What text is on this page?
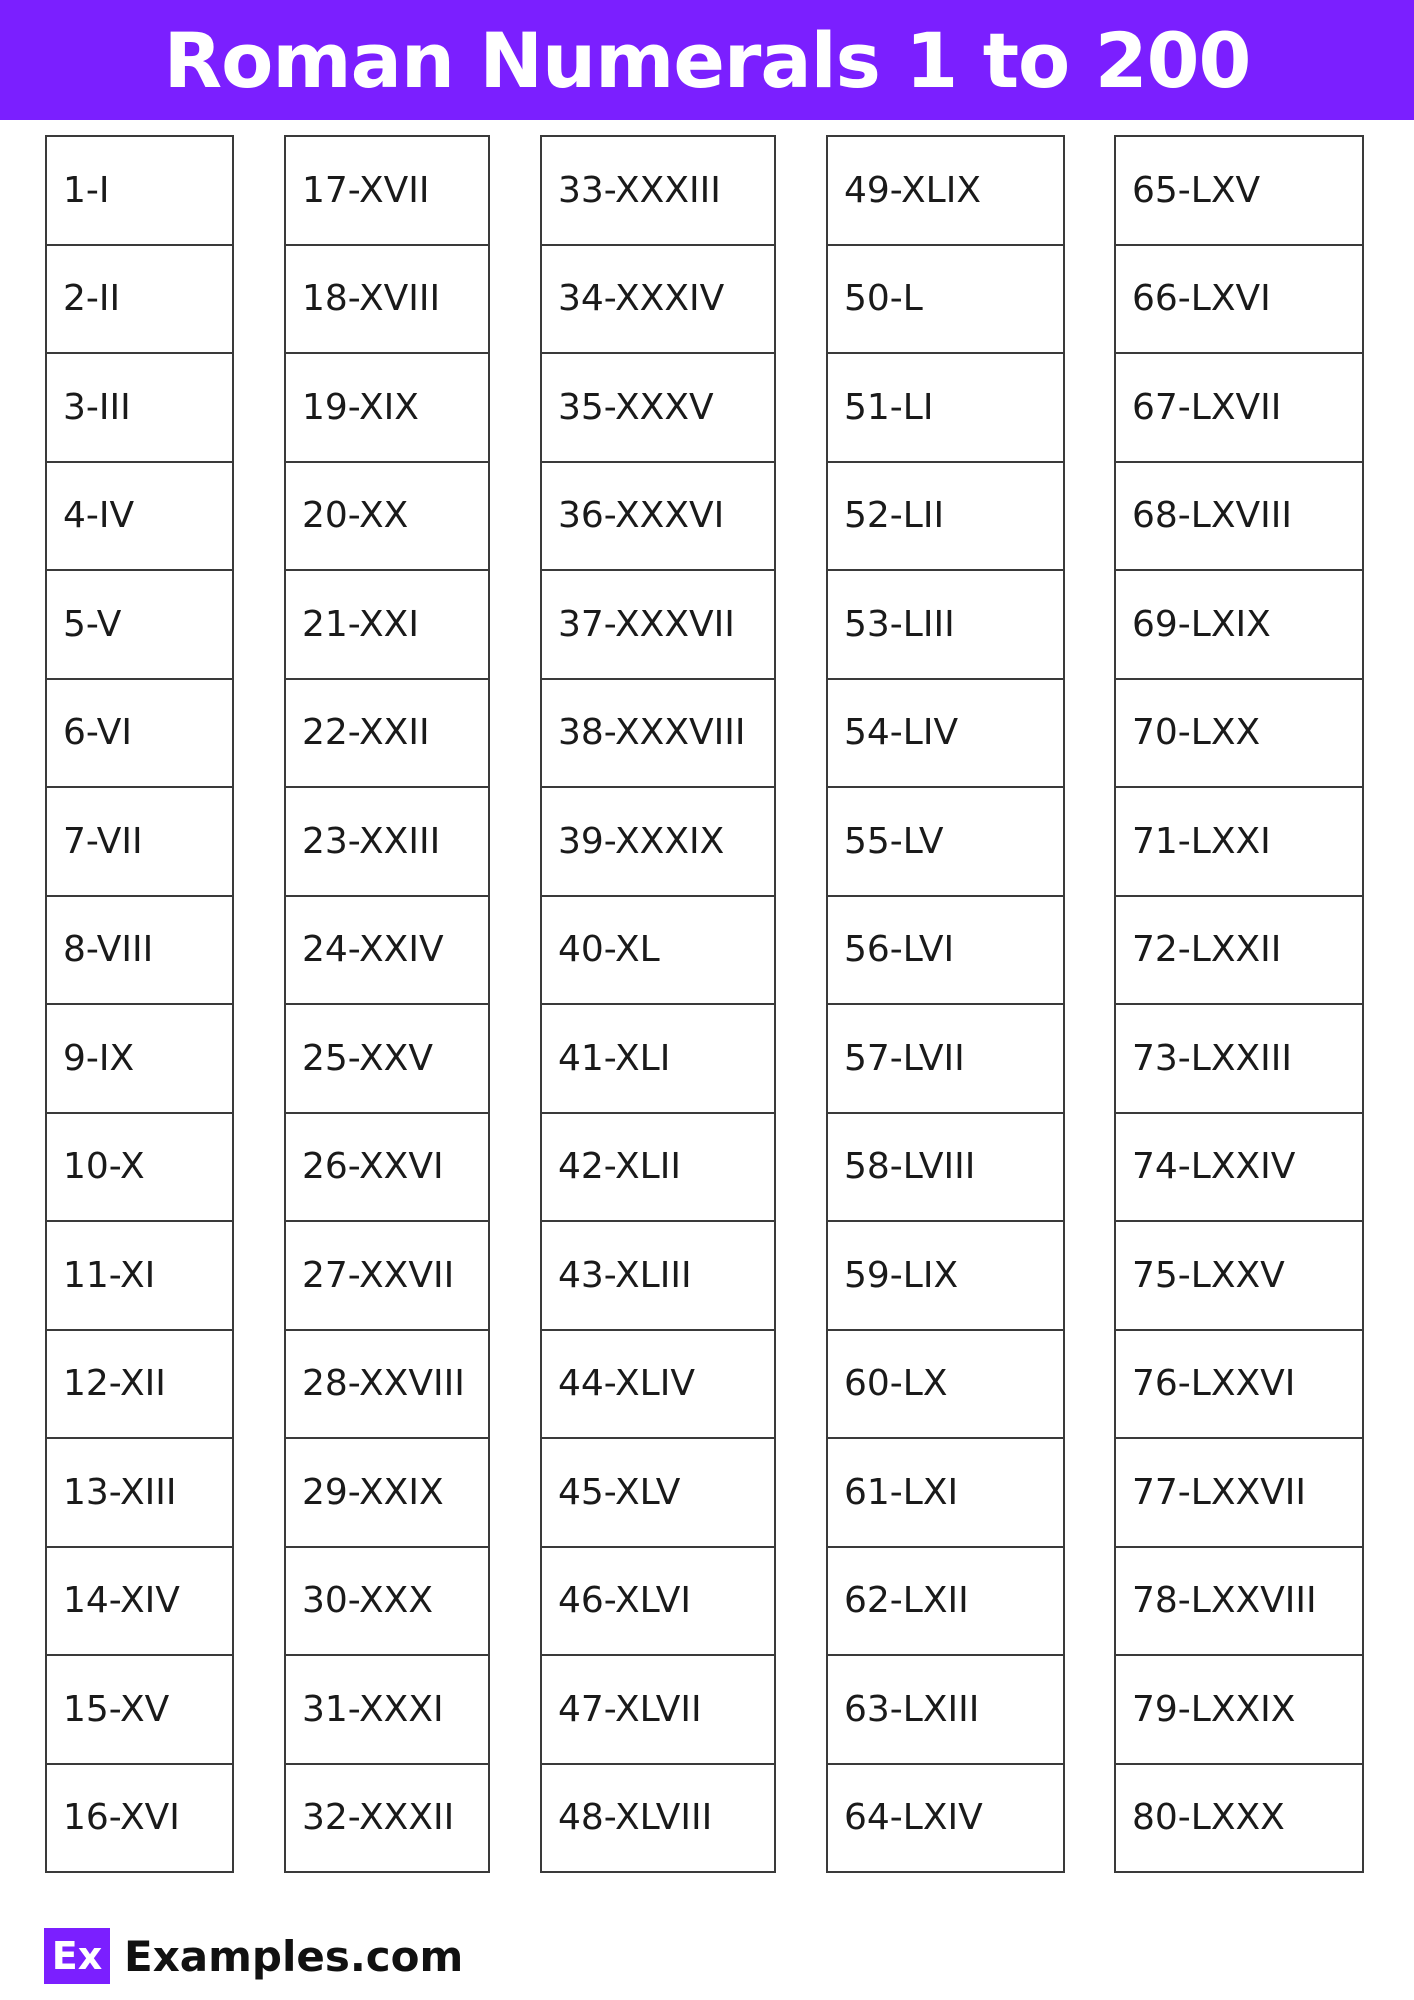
Roman Numerals 1 to 200
1-I
2-II
3-III
4-IV
5-V
6-VI
7-VII
8-VIII
9-IX
10-X
11-XI
12-XII
13-XIII
14-XIV
15-XV
16-XVI
17-XVII
18-XVIII
19-XIX
20-XX
21-XXI
22-XXII
23-XXIII
24-XXIV
25-XXV
26-XXVI
27-XXVII
28-XXVIII
29-XXIX
30-XXX
31-XXXI
32-XXXII
33-XXXIII
34-XXXIV
35-XXXV
36-XXXVI
37-XXXVII
38-XXXVIII
39-XXXIX
40-XL
41-XLI
42-XLII
43-XLIII
44-XLIV
45-XLV
46-XLVI
47-XLVII
48-XLVIII
49-XLIX
50-L
51-LI
52-LII
53-LIII
54-LIV
55-LV
56-LVI
57-LVII
58-LVIII
59-LIX
60-LX
61-LXI
62-LXII
63-LXIII
64-LXIV
65-LXV
66-LXVI
67-LXVII
68-LXVIII
69-LXIX
70-LXX
71-LXXI
72-LXXII
73-LXXIII
74-LXXIV
75-LXXV
76-LXXVI
77-LXXVII
78-LXXVIII
79-LXXIX
80-LXXX
Ex Examples.com
